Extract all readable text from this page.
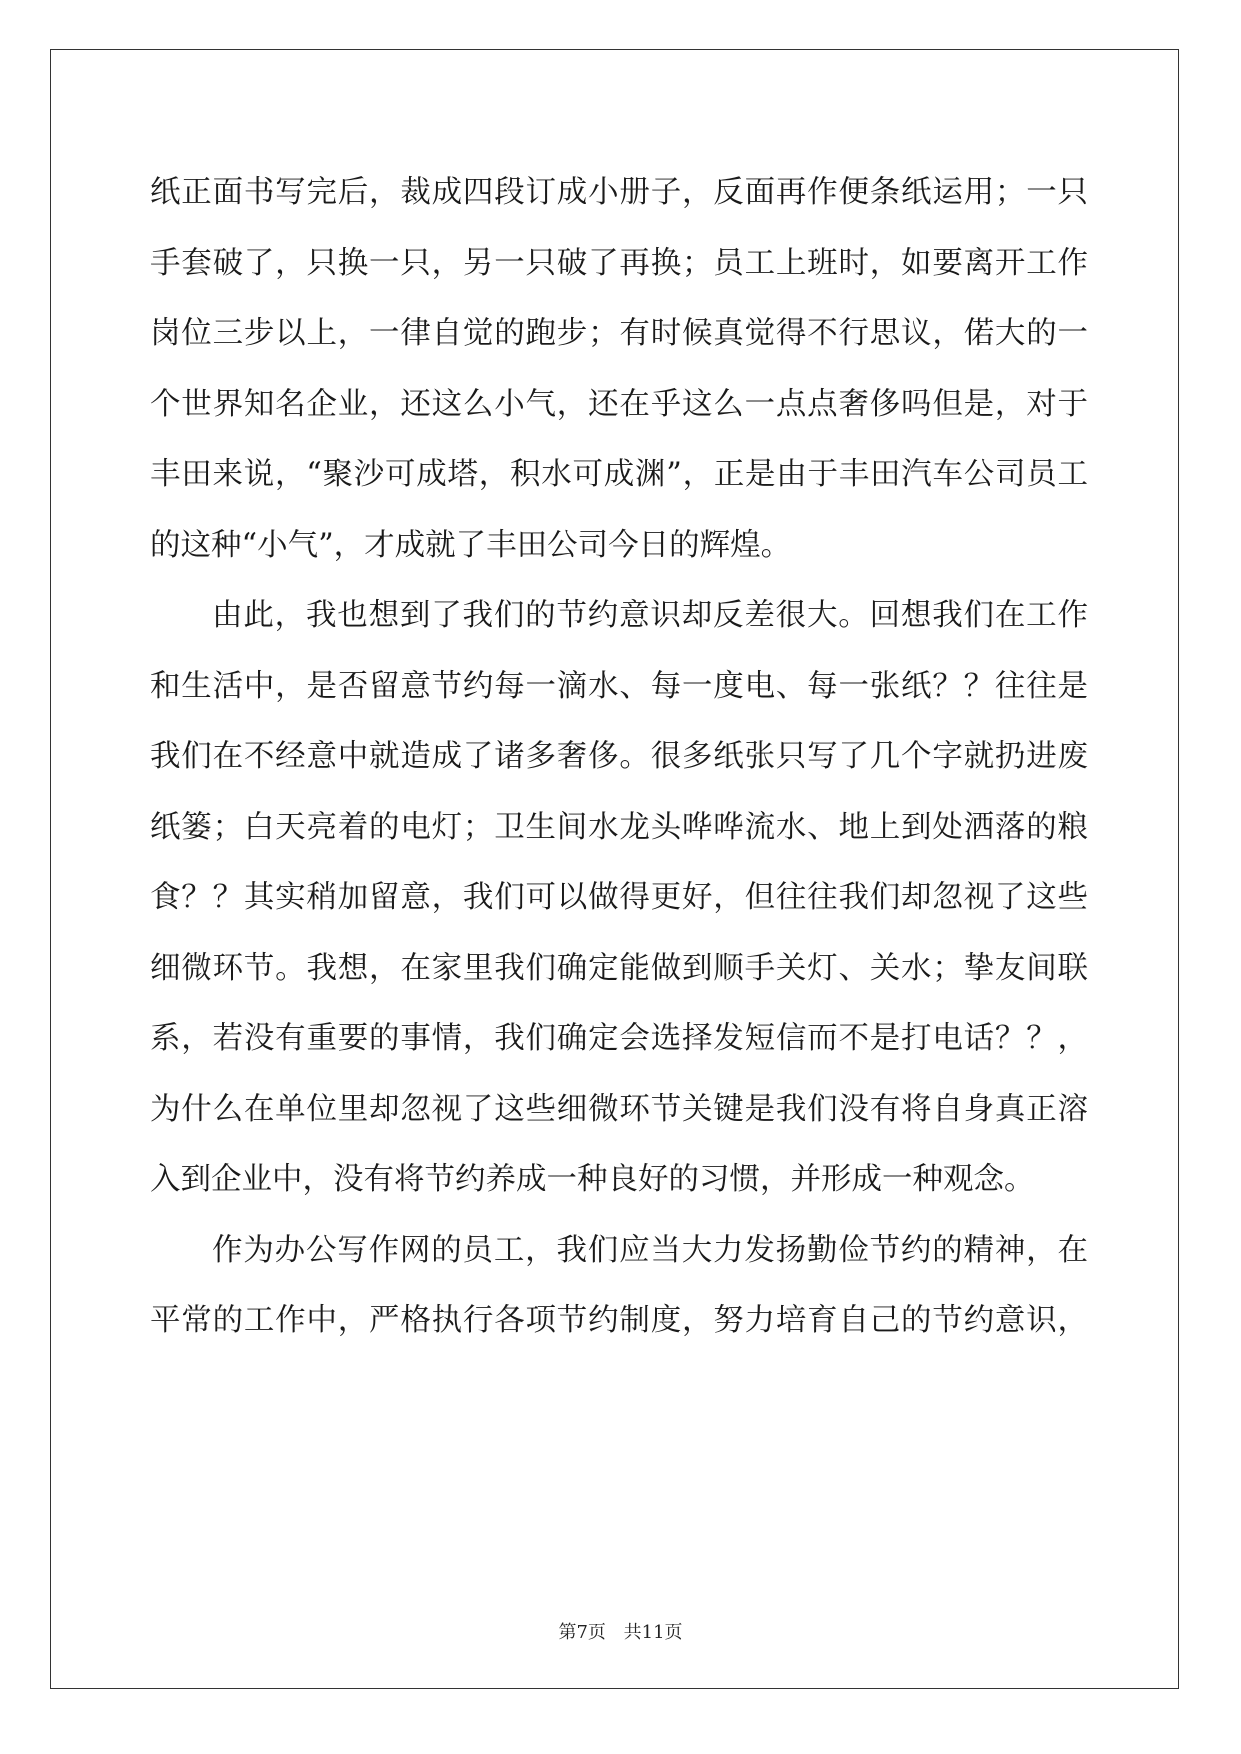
纸正面书写完后，裁成四段订成小册子，反面再作便条纸运用；一只
手套破了，只换一只，另一只破了再换；员工上班时，如要离开工作
岗位三步以上，一律自觉的跑步；有时候真觉得不行思议，偌大的一
个世界知名企业，还这么小气，还在乎这么一点点奢侈吗但是，对于
丰田来说，“聚沙可成塔，积水可成渊”，正是由于丰田汽车公司员工
的这种“小气”，才成就了丰田公司今日的辉煌。
由此，我也想到了我们的节约意识却反差很大。回想我们在工作
和生活中，是否留意节约每一滴水、每一度电、每一张纸？？往往是
我们在不经意中就造成了诸多奢侈。很多纸张只写了几个字就扔进废
纸篓；白天亮着的电灯；卫生间水龙头哗哗流水、地上到处洒落的粮
食？？其实稍加留意，我们可以做得更好，但往往我们却忽视了这些
细微环节。我想，在家里我们确定能做到顺手关灯、关水；挚友间联
系，若没有重要的事情，我们确定会选择发短信而不是打电话？？，
为什么在单位里却忽视了这些细微环节关键是我们没有将自身真正溶
入到企业中，没有将节约养成一种良好的习惯，并形成一种观念。
作为办公写作网的员工，我们应当大力发扬勤俭节约的精神，在
平常的工作中，严格执行各项节约制度，努力培育自己的节约意识，
第7页 共11页
